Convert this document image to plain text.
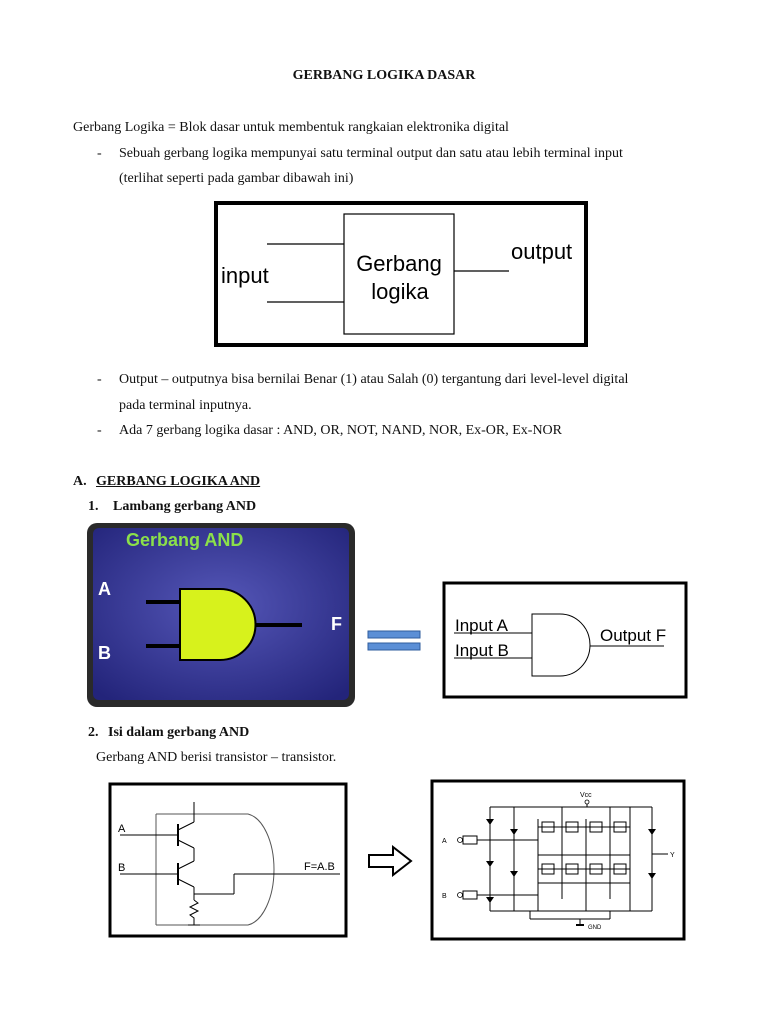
GERBANG LOGIKA DASAR
Gerbang Logika = Blok dasar untuk membentuk rangkaian elektronika digital
- Sebuah gerbang logika mempunyai satu terminal output dan satu atau lebih terminal input
(terlihat seperti pada gambar dibawah ini)
input	Gerbang
logika
output
- Output – outputnya bisa bernilai Benar (1) atau Salah (0) tergantung dari level-level digital
pada terminal inputnya.
- Ada 7 gerbang logika dasar : AND, OR, NOT, NAND, NOR, Ex-OR, Ex-NOR
A. GERBANG LOGIKA AND
1. Lambang gerbang AND
Gerbang AND
A
B
F	Input A
Input B
Output F
2. Isi dalam gerbang AND
Gerbang AND berisi transistor – transistor.
A
B	F=A.B
Vcc
A
B
Y
GND
